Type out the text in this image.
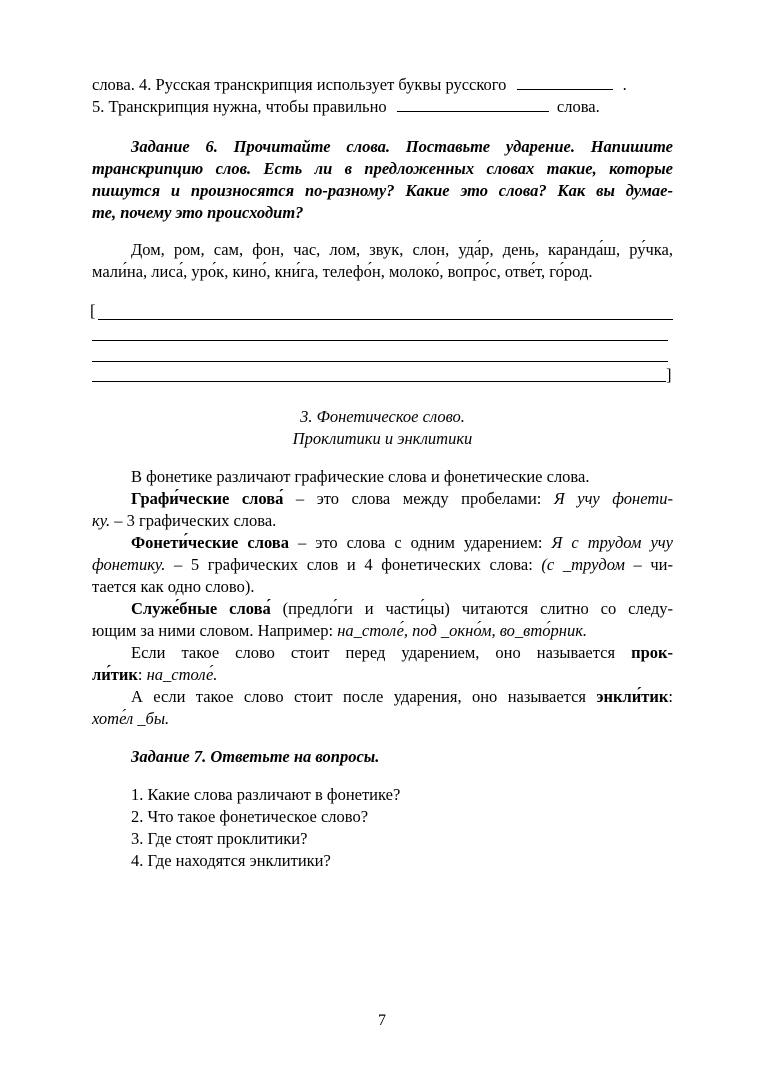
слова. 4. Русская транскрипция использует буквы русского	.
5. Транскрипция нужна, чтобы правильно	слова.
Задание 6. Прочитайте слова. Поставьте ударение. Напишите
транскрипцию слов. Есть ли в предложенных словах такие, которые
пишутся и произносятся по-разному? Какие это слова? Как вы думае-
те, почему это происходит?
Дом, ром, сам, фон, час, лом, звук, слон, уда́р, день, каранда́ш, ру́чка,
мали́на, лиса́, уро́к, кино́, кни́га, телефо́н, молоко́, вопро́с, отве́т, го́род.
[
]
3. Фонетическое слово.
Проклитики и энклитики
В фонетике различают графические слова и фонетические слова.
Графи́ческие слова́ – это слова между пробелами: Я учу фонети-
ку. – 3 графических слова.
Фонети́ческие слова – это слова с одним ударением: Я с трудом учу
фонетику. – 5 графических слов и 4 фонетических слова: (с _трудом – чи-
тается как одно слово).
Служе́бные слова́ (предло́ги и части́цы) читаются слитно со следу-
ющим за ними словом. Например: на_столе́, под _окно́м, во_вто́рник.
Если такое слово стоит перед ударением, оно называется прок-
ли́тик: на_столе́.
А если такое слово стоит после ударения, оно называется энкли́тик:
хоте́л _бы.
Задание 7. Ответьте на вопросы.
1. Какие слова различают в фонетике?
2. Что такое фонетическое слово?
3. Где стоят проклитики?
4. Где находятся энклитики?
7
